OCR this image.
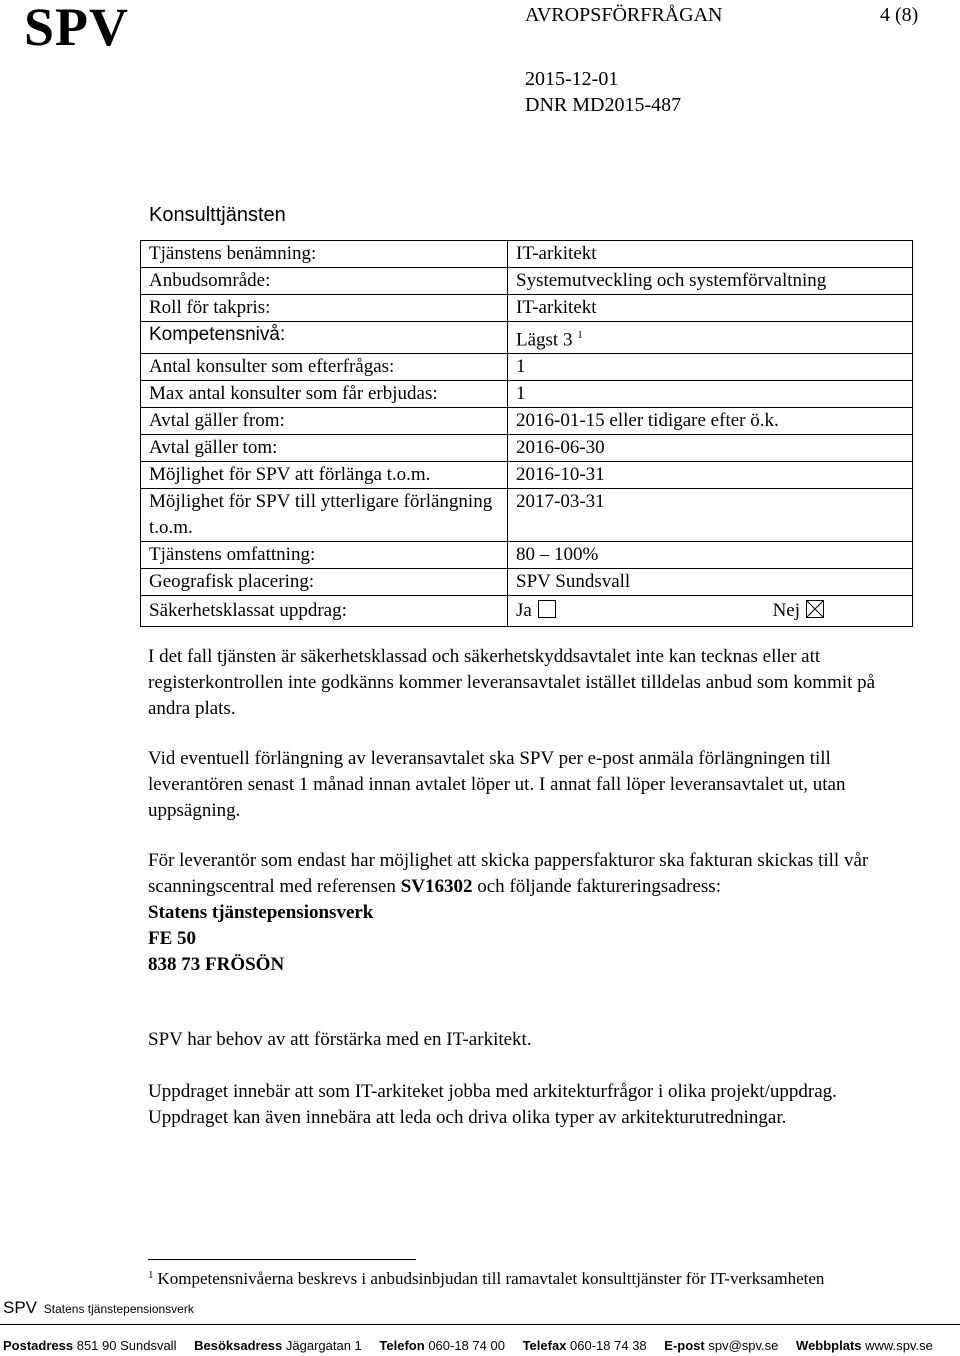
SPV	AVROPSFÖRFRÅGAN	4 (8)
2015-12-01
DNR MD2015-487
Konsulttjänsten
Tjänstens benämning:	IT-arkitekt
Anbudsområde:	Systemutveckling och systemförvaltning
Roll för takpris:	IT-arkitekt
Kompetensnivå:	Lägst 3 $^1$
Antal konsulter som efterfrågas:	1
Max antal konsulter som får erbjudas:	1
Avtal gäller from:	2016-01-15 eller tidigare efter ö.k.
Avtal gäller tom:	2016-06-30
Möjlighet för SPV att förlänga t.o.m.	2016-10-31
Möjlighet för SPV till ytterligare förlängning t.o.m.	2017-03-31
Tjänstens omfattning:	80 – 100%
Geografisk placering:	SPV Sundsvall
Säkerhetsklassat uppdrag:	Ja Nej

I det fall tjänsten är säkerhetsklassad och säkerhetskyddsavtalet inte kan tecknas eller att registerkontrollen inte godkänns kommer leveransavtalet istället tilldelas anbud som kommit på andra plats.

Vid eventuell förlängning av leveransavtalet ska SPV per e-post anmäla förlängningen till leverantören senast 1 månad innan avtalet löper ut. I annat fall löper leveransavtalet ut, utan uppsägning.

För leverantör som endast har möjlighet att skicka pappersfakturor ska fakturan skickas till vår scanningscentral med referensen SV16302 och följande faktureringsadress:

Statens tjänstepensionsverk

FE 50

838 73 FRÖSÖN

SPV har behov av att förstärka med en IT-arkitekt.

Uppdraget innebär att som IT-arkiteket jobba med arkitekturfrågor i olika projekt/uppdrag. Uppdraget kan även innebära att leda och driva olika typer av arkitekturutredningar.

$^1$ Kompetensnivåerna beskrevs i anbudsinbjudan till ramavtalet konsulttjänster för IT-verksamheten
SPV Statens tjänstepensionsverk
Postadress 851 90 Sundsvall Besöksadress Jägargatan 1 Telefon 060-18 74 00 Telefax 060-18 74 38 E-post spv@spv.se Webbplats www.spv.se
